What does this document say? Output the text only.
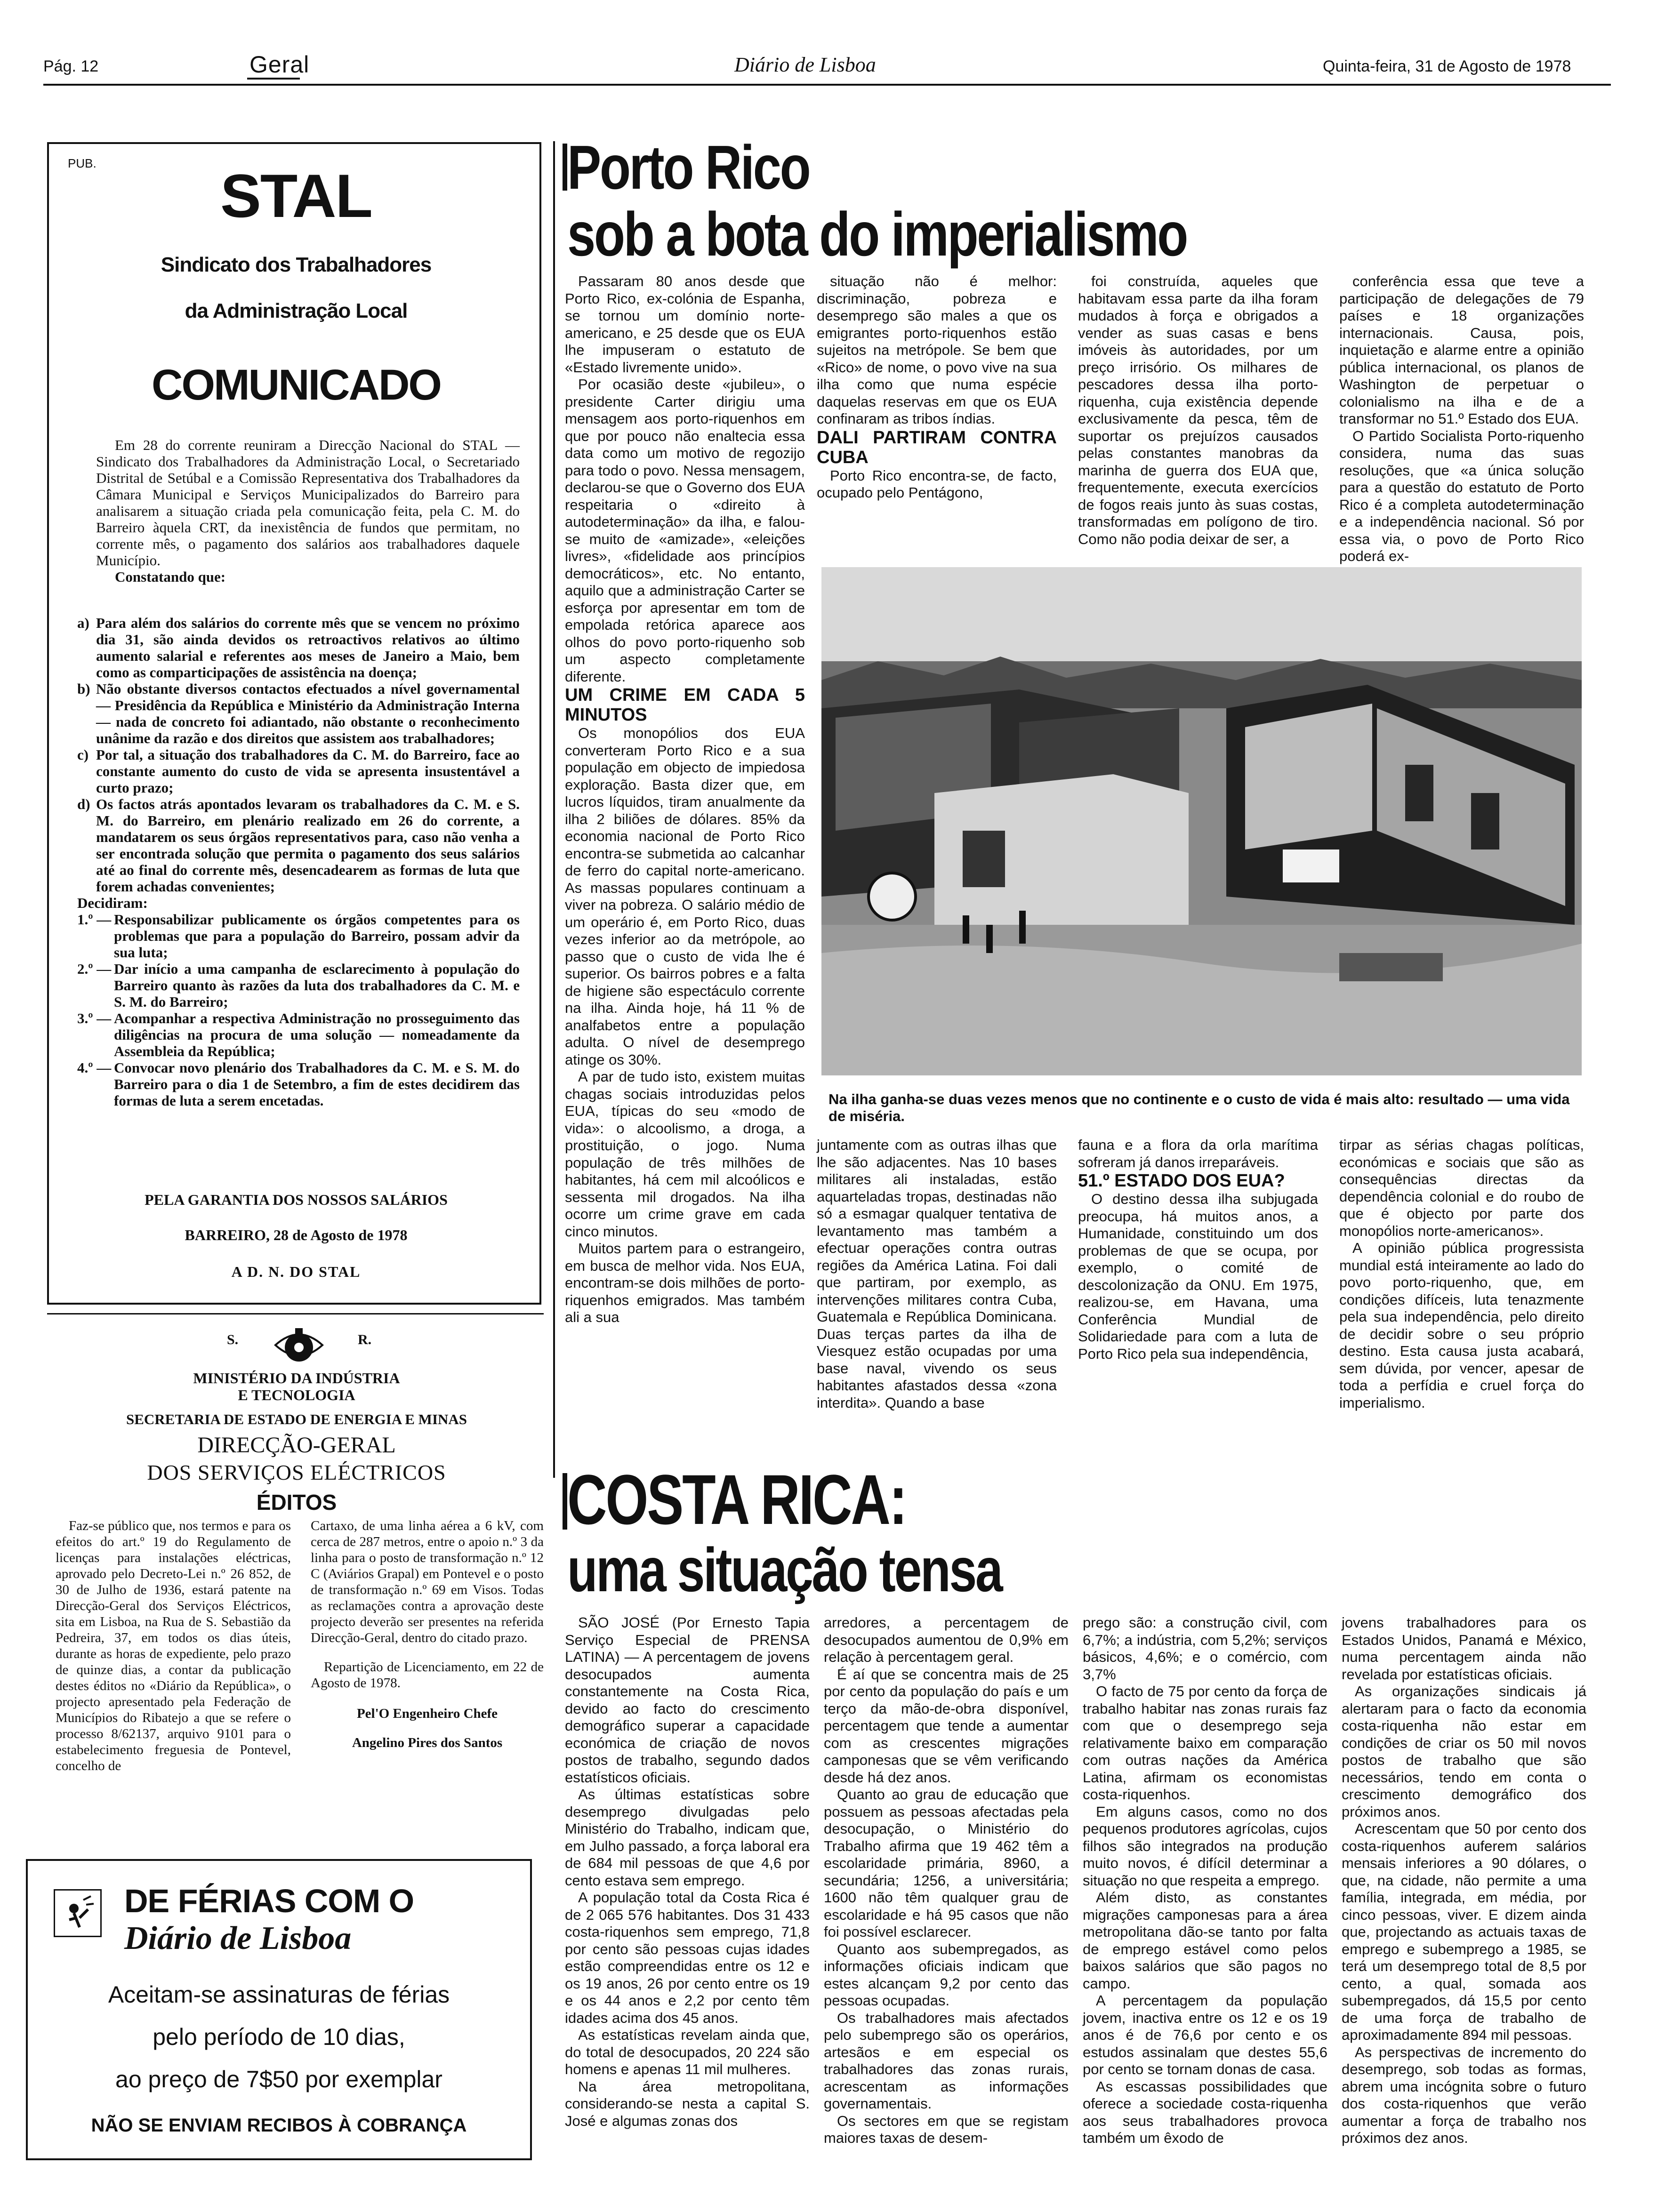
Pág. 12	Geral	Diário de Lisboa	Quinta-feira, 31 de Agosto de 1978
PUB.	STAL
Sindicato dos Trabalhadores
da Administração Local
COMUNICADO

Em 28 do corrente reuniram a Direcção Nacional do STAL — Sindicato dos Trabalhadores da Administração Local, o Secretariado Distrital de Setúbal e a Comissão Representativa dos Trabalhadores da Câmara Municipal e Serviços Municipalizados do Barreiro para analisarem a situação criada pela comunicação feita, pela C. M. do Barreiro àquela CRT, da inexistência de fundos que permitam, no corrente mês, o pagamento dos salários aos trabalhadores daquele Município.

Constatando que:

a) Para além dos salários do corrente mês que se vencem no próximo dia 31, são ainda devidos os retroactivos relativos ao último aumento salarial e referentes aos meses de Janeiro a Maio, bem como as comparticipações de assistência na doença;
b) Não obstante diversos contactos efectuados a nível governamental — Presidência da República e Ministério da Administração Interna — nada de concreto foi adiantado, não obstante o reconhecimento unânime da razão e dos direitos que assistem aos trabalhadores;
c) Por tal, a situação dos trabalhadores da C. M. do Barreiro, face ao constante aumento do custo de vida se apresenta insustentável a curto prazo;
d) Os factos atrás apontados levaram os trabalhadores da C. M. e S. M. do Barreiro, em plenário realizado em 26 do corrente, a mandatarem os seus órgãos representativos para, caso não venha a ser encontrada solução que permita o pagamento dos seus salários até ao final do corrente mês, desencadearem as formas de luta que forem achadas convenientes;
Decidiram:
1.º — Responsabilizar publicamente os órgãos competentes para os problemas que para a população do Barreiro, possam advir da sua luta;
2.º — Dar início a uma campanha de esclarecimento à população do Barreiro quanto às razões da luta dos trabalhadores da C. M. e S. M. do Barreiro;
3.º — Acompanhar a respectiva Administração no prosseguimento das diligências na procura de uma solução — nomeadamente da Assembleia da República;
4.º — Convocar novo plenário dos Trabalhadores da C. M. e S. M. do Barreiro para o dia 1 de Setembro, a fim de estes decidirem das formas de luta a serem encetadas.
PELA GARANTIA DOS NOSSOS SALÁRIOS
BARREIRO, 28 de Agosto de 1978
A D. N. DO STAL
S.	R.
MINISTÉRIO DA INDÚSTRIA
E TECNOLOGIA
SECRETARIA DE ESTADO DE ENERGIA E MINAS
DIRECÇÃO-GERAL
DOS SERVIÇOS ELÉCTRICOS
ÉDITOS
Faz-se público que, nos termos e para os efeitos do art.º 19 do Regulamento de licenças para instalações eléctricas, aprovado pelo Decreto-Lei n.º 26 852, de 30 de Julho de 1936, estará patente na Direcção-Geral dos Serviços Eléctricos, sita em Lisboa, na Rua de S. Sebastião da Pedreira, 37, em todos os dias úteis, durante as horas de expediente, pelo prazo de quinze dias, a contar da publicação destes éditos no «Diário da República», o projecto apresentado pela Federação de Municípios do Ribatejo a que se refere o processo 8/62137, arquivo 9101 para o estabelecimento freguesia de Pontevel, concelho de
Cartaxo, de uma linha aérea a 6 kV, com cerca de 287 metros, entre o apoio n.º 3 da linha para o posto de transformação n.º 12 C (Aviários Grapal) em Pontevel e o posto de transformação n.º 69 em Visos. Todas as reclamações contra a aprovação deste projecto deverão ser presentes na referida Direcção-Geral, dentro do citado prazo.
Repartição de Licenciamento, em 22 de Agosto de 1978.
Pel'O Engenheiro Chefe
Angelino Pires dos Santos
DE FÉRIAS COM O
Diário de Lisboa
Aceitam-se assinaturas de férias
pelo período de 10 dias,
ao preço de 7$50 por exemplar
NÃO SE ENVIAM RECIBOS À COBRANÇA
Porto Rico
sob a bota do imperialismo

Passaram 80 anos desde que Porto Rico, ex-colónia de Espanha, se tornou um domínio norte-americano, e 25 desde que os EUA lhe impuseram o estatuto de «Estado livremente unido».

Por ocasião deste «jubileu», o presidente Carter dirigiu uma mensagem aos porto-riquenhos em que por pouco não enaltecia essa data como um motivo de regozijo para todo o povo. Nessa mensagem, declarou-se que o Governo dos EUA respeitaria o «direito à autodeterminação» da ilha, e falou-se muito de «amizade», «eleições livres», «fidelidade aos princípios democráticos», etc. No entanto, aquilo que a administração Carter se esforça por apresentar em tom de empolada retórica aparece aos olhos do povo porto-riquenho sob um aspecto completamente diferente.

UM CRIME EM CADA 5 MINUTOS

Os monopólios dos EUA converteram Porto Rico e a sua população em objecto de impiedosa exploração. Basta dizer que, em lucros líquidos, tiram anualmente da ilha 2 biliões de dólares. 85% da economia nacional de Porto Rico encontra-se submetida ao calcanhar de ferro do capital norte-americano. As massas populares continuam a viver na pobreza. O salário médio de um operário é, em Porto Rico, duas vezes inferior ao da metrópole, ao passo que o custo de vida lhe é superior. Os bairros pobres e a falta de higiene são espectáculo corrente na ilha. Ainda hoje, há 11 % de analfabetos entre a população adulta. O nível de desemprego atinge os 30%.

A par de tudo isto, existem muitas chagas sociais introduzidas pelos EUA, típicas do seu «modo de vida»: o alcoolismo, a droga, a prostituição, o jogo. Numa população de três milhões de habitantes, há cem mil alcoólicos e sessenta mil drogados. Na ilha ocorre um crime grave em cada cinco minutos.

Muitos partem para o estrangeiro, em busca de melhor vida. Nos EUA, encontram-se dois milhões de porto-riquenhos emigrados. Mas também ali a sua

situação não é melhor: discriminação, pobreza e desemprego são males a que os emigrantes porto-riquenhos estão sujeitos na metrópole. Se bem que «Rico» de nome, o povo vive na sua ilha como que numa espécie daquelas reservas em que os EUA confinaram as tribos índias.

DALI PARTIRAM CONTRA CUBA

Porto Rico encontra-se, de facto, ocupado pelo Pentágono,

foi construída, aqueles que habitavam essa parte da ilha foram mudados à força e obrigados a vender as suas casas e bens imóveis às autoridades, por um preço irrisório. Os milhares de pescadores dessa ilha porto-riquenha, cuja existência depende exclusivamente da pesca, têm de suportar os prejuízos causados pelas constantes manobras da marinha de guerra dos EUA que, frequentemente, executa exercícios de fogos reais junto às suas costas, transformadas em polígono de tiro. Como não podia deixar de ser, a

conferência essa que teve a participação de delegações de 79 países e 18 organizações internacionais. Causa, pois, inquietação e alarme entre a opinião pública internacional, os planos de Washington de perpetuar o colonialismo na ilha e de a transformar no 51.º Estado dos EUA.

O Partido Socialista Porto-riquenho considera, numa das suas resoluções, que «a única solução para a questão do estatuto de Porto Rico é a completa autodeterminação e a independência nacional. Só por essa via, o povo de Porto Rico poderá ex-

Na ilha ganha-se duas vezes menos que no continente e o custo de vida é mais alto: resultado — uma vida de miséria.

juntamente com as outras ilhas que lhe são adjacentes. Nas 10 bases militares ali instaladas, estão aquarteladas tropas, destinadas não só a esmagar qualquer tentativa de levantamento mas também a efectuar operações contra outras regiões da América Latina. Foi dali que partiram, por exemplo, as intervenções militares contra Cuba, Guatemala e República Dominicana. Duas terças partes da ilha de Viesquez estão ocupadas por uma base naval, vivendo os seus habitantes afastados dessa «zona interdita». Quando a base

fauna e a flora da orla marítima sofreram já danos irreparáveis.

51.º ESTADO DOS EUA?

O destino dessa ilha subjugada preocupa, há muitos anos, a Humanidade, constituindo um dos problemas de que se ocupa, por exemplo, o comité de descolonização da ONU. Em 1975, realizou-se, em Havana, uma Conferência Mundial de Solidariedade para com a luta de Porto Rico pela sua independência,

tirpar as sérias chagas políticas, económicas e sociais que são as consequências directas da dependência colonial e do roubo de que é objecto por parte dos monopólios norte-americanos».

A opinião pública progressista mundial está inteiramente ao lado do povo porto-riquenho, que, em condições difíceis, luta tenazmente pela sua independência, pelo direito de decidir sobre o seu próprio destino. Esta causa justa acabará, sem dúvida, por vencer, apesar de toda a perfídia e cruel força do imperialismo.

COSTA RICA:
uma situação tensa

SÃO JOSÉ (Por Ernesto Tapia Serviço Especial de PRENSA LATINA) — A percentagem de jovens desocupados aumenta constantemente na Costa Rica, devido ao facto do crescimento demográfico superar a capacidade económica de criação de novos postos de trabalho, segundo dados estatísticos oficiais.

As últimas estatísticas sobre desemprego divulgadas pelo Ministério do Trabalho, indicam que, em Julho passado, a força laboral era de 684 mil pessoas de que 4,6 por cento estava sem emprego.

A população total da Costa Rica é de 2 065 576 habitantes. Dos 31 433 costa-riquenhos sem emprego, 71,8 por cento são pessoas cujas idades estão compreendidas entre os 12 e os 19 anos, 26 por cento entre os 19 e os 44 anos e 2,2 por cento têm idades acima dos 45 anos.

As estatísticas revelam ainda que, do total de desocupados, 20 224 são homens e apenas 11 mil mulheres.

Na área metropolitana, considerando-se nesta a capital S. José e algumas zonas dos

arredores, a percentagem de desocupados aumentou de 0,9% em relação à percentagem geral.

É aí que se concentra mais de 25 por cento da população do país e um terço da mão-de-obra disponível, percentagem que tende a aumentar com as crescentes migrações camponesas que se vêm verificando desde há dez anos.

Quanto ao grau de educação que possuem as pessoas afectadas pela desocupação, o Ministério do Trabalho afirma que 19 462 têm a escolaridade primária, 8960, a secundária; 1256, a universitária; 1600 não têm qualquer grau de escolaridade e há 95 casos que não foi possível esclarecer.

Quanto aos subempregados, as informações oficiais indicam que estes alcançam 9,2 por cento das pessoas ocupadas.

Os trabalhadores mais afectados pelo subemprego são os operários, artesãos e em especial os trabalhadores das zonas rurais, acrescentam as informações governamentais.

Os sectores em que se registam maiores taxas de desem-

prego são: a construção civil, com 6,7%; a indústria, com 5,2%; serviços básicos, 4,6%; e o comércio, com 3,7%

O facto de 75 por cento da força de trabalho habitar nas zonas rurais faz com que o desemprego seja relativamente baixo em comparação com outras nações da América Latina, afirmam os economistas costa-riquenhos.

Em alguns casos, como no dos pequenos produtores agrícolas, cujos filhos são integrados na produção muito novos, é difícil determinar a situação no que respeita a emprego.

Além disto, as constantes migrações camponesas para a área metropolitana dão-se tanto por falta de emprego estável como pelos baixos salários que são pagos no campo.

A percentagem da população jovem, inactiva entre os 12 e os 19 anos é de 76,6 por cento e os estudos assinalam que destes 55,6 por cento se tornam donas de casa.

As escassas possibilidades que oferece a sociedade costa-riquenha aos seus trabalhadores provoca também um êxodo de

jovens trabalhadores para os Estados Unidos, Panamá e México, numa percentagem ainda não revelada por estatísticas oficiais.

As organizações sindicais já alertaram para o facto da economia costa-riquenha não estar em condições de criar os 50 mil novos postos de trabalho que são necessários, tendo em conta o crescimento demográfico dos próximos anos.

Acrescentam que 50 por cento dos costa-riquenhos auferem salários mensais inferiores a 90 dólares, o que, na cidade, não permite a uma família, integrada, em média, por cinco pessoas, viver. E dizem ainda que, projectando as actuais taxas de emprego e subemprego a 1985, se terá um desemprego total de 8,5 por cento, a qual, somada aos subempregados, dá 15,5 por cento de uma força de trabalho de aproximadamente 894 mil pessoas.

As perspectivas de incremento do desemprego, sob todas as formas, abrem uma incógnita sobre o futuro dos costa-riquenhos que verão aumentar a força de trabalho nos próximos dez anos.
